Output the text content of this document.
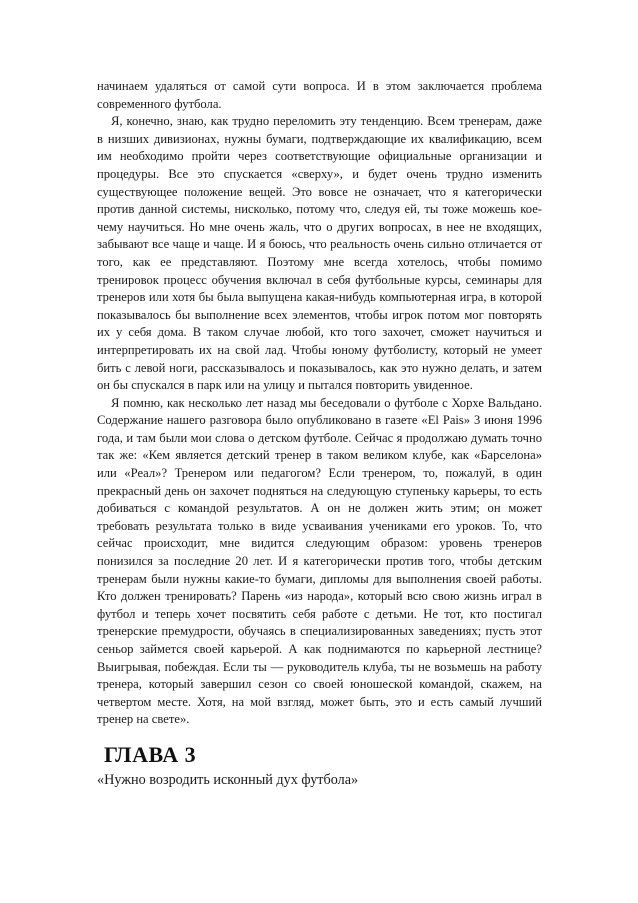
начинаем удаляться от самой сути вопроса. И в этом заключается проблема современного футбола.

Я, конечно, знаю, как трудно переломить эту тенденцию. Всем тренерам, даже в низших дивизионах, нужны бумаги, подтверждающие их квалификацию, всем им необходимо пройти через соответствующие официальные организации и процедуры. Все это спускается «сверху», и будет очень трудно изменить существующее положение вещей. Это вовсе не означает, что я категорически против данной системы, нисколько, потому что, следуя ей, ты тоже можешь кое-чему научиться. Но мне очень жаль, что о других вопросах, в нее не входящих, забывают все чаще и чаще. И я боюсь, что реальность очень сильно отличается от того, как ее представляют. Поэтому мне всегда хотелось, чтобы помимо тренировок процесс обучения включал в себя футбольные курсы, семинары для тренеров или хотя бы была выпущена какая-нибудь компьютерная игра, в которой показывалось бы выполнение всех элементов, чтобы игрок потом мог повторять их у себя дома. В таком случае любой, кто того захочет, сможет научиться и интерпретировать их на свой лад. Чтобы юному футболисту, который не умеет бить с левой ноги, рассказывалось и показывалось, как это нужно делать, и затем он бы спускался в парк или на улицу и пытался повторить увиденное.

Я помню, как несколько лет назад мы беседовали о футболе с Хорхе Вальдано. Содержание нашего разговора было опубликовано в газете «El Pais» 3 июня 1996 года, и там были мои слова о детском футболе. Сейчас я продолжаю думать точно так же: «Кем является детский тренер в таком великом клубе, как «Барселона» или «Реал»? Тренером или педагогом? Если тренером, то, пожалуй, в один прекрасный день он захочет подняться на следующую ступеньку карьеры, то есть добиваться с командой результатов. А он не должен жить этим; он может требовать результата только в виде усваивания учениками его уроков. То, что сейчас происходит, мне видится следующим образом: уровень тренеров понизился за последние 20 лет. И я категорически против того, чтобы детским тренерам были нужны какие-то бумаги, дипломы для выполнения своей работы. Кто должен тренировать? Парень «из народа», который всю свою жизнь играл в футбол и теперь хочет посвятить себя работе с детьми. Не тот, кто постигал тренерские премудрости, обучаясь в специализированных заведениях; пусть этот сеньор займется своей карьерой. А как поднимаются по карьерной лестнице? Выигрывая, побеждая. Если ты — руководитель клуба, ты не возьмешь на работу тренера, который завершил сезон со своей юношеской командой, скажем, на четвертом месте. Хотя, на мой взгляд, может быть, это и есть самый лучший тренер на свете».

ГЛАВА 3

«Нужно возродить исконный дух футбола»
